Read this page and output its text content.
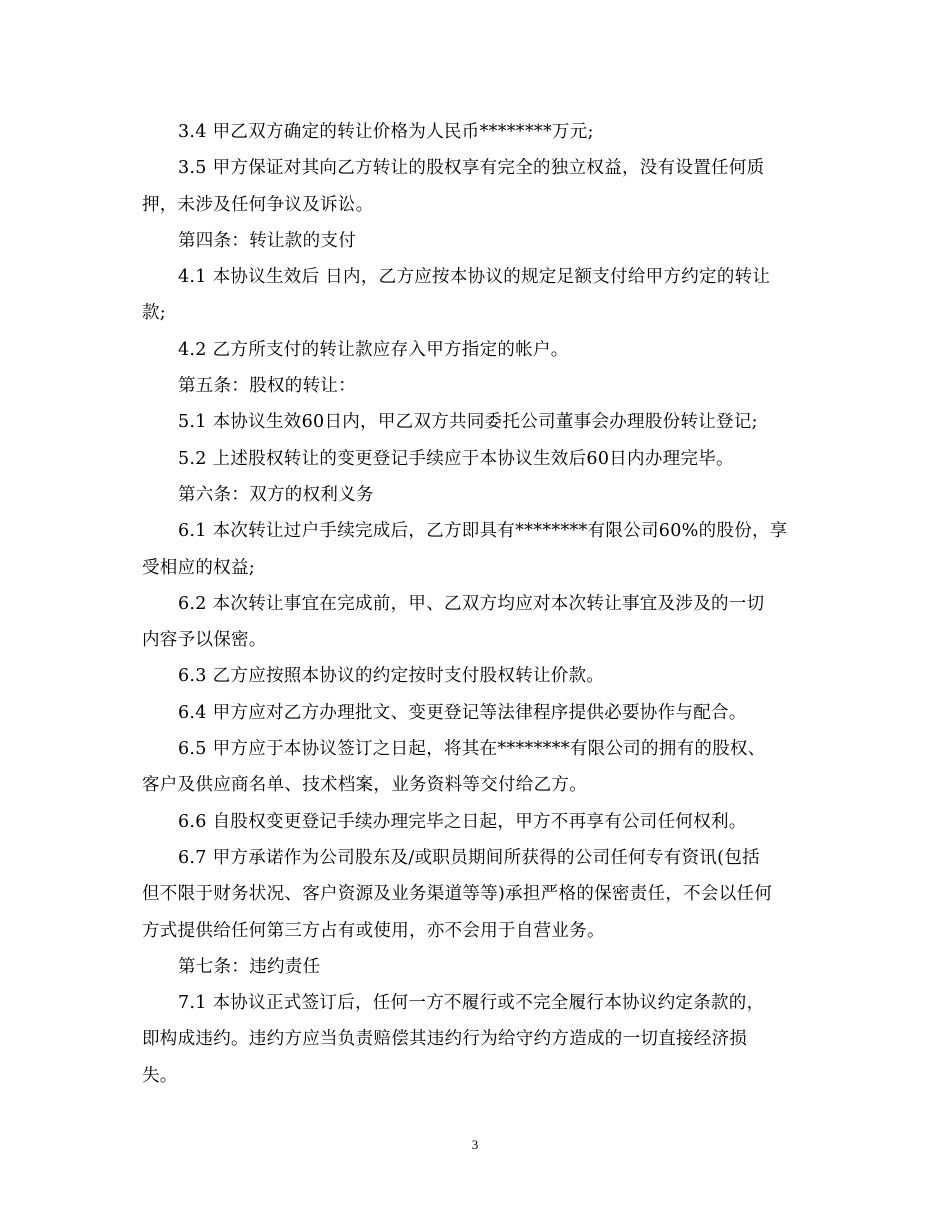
3.4 甲乙双方确定的转让价格为人民币********万元;
3.5 甲方保证对其向乙方转让的股权享有完全的独立权益，没有设置任何质
押，未涉及任何争议及诉讼。
第四条：转让款的支付
4.1 本协议生效后 日内，乙方应按本协议的规定足额支付给甲方约定的转让
款;
4.2 乙方所支付的转让款应存入甲方指定的帐户。
第五条：股权的转让：
5.1 本协议生效60日内，甲乙双方共同委托公司董事会办理股份转让登记;
5.2 上述股权转让的变更登记手续应于本协议生效后60日内办理完毕。
第六条：双方的权利义务
6.1 本次转让过户手续完成后，乙方即具有********有限公司60%的股份，享
受相应的权益;
6.2 本次转让事宜在完成前，甲、乙双方均应对本次转让事宜及涉及的一切
内容予以保密。
6.3 乙方应按照本协议的约定按时支付股权转让价款。
6.4 甲方应对乙方办理批文、变更登记等法律程序提供必要协作与配合。
6.5 甲方应于本协议签订之日起，将其在********有限公司的拥有的股权、
客户及供应商名单、技术档案，业务资料等交付给乙方。
6.6 自股权变更登记手续办理完毕之日起，甲方不再享有公司任何权利。
6.7 甲方承诺作为公司股东及/或职员期间所获得的公司任何专有资讯(包括
但不限于财务状况、客户资源及业务渠道等等)承担严格的保密责任，不会以任何
方式提供给任何第三方占有或使用，亦不会用于自营业务。
第七条：违约责任
7.1 本协议正式签订后，任何一方不履行或不完全履行本协议约定条款的，
即构成违约。违约方应当负责赔偿其违约行为给守约方造成的一切直接经济损
失。
3
